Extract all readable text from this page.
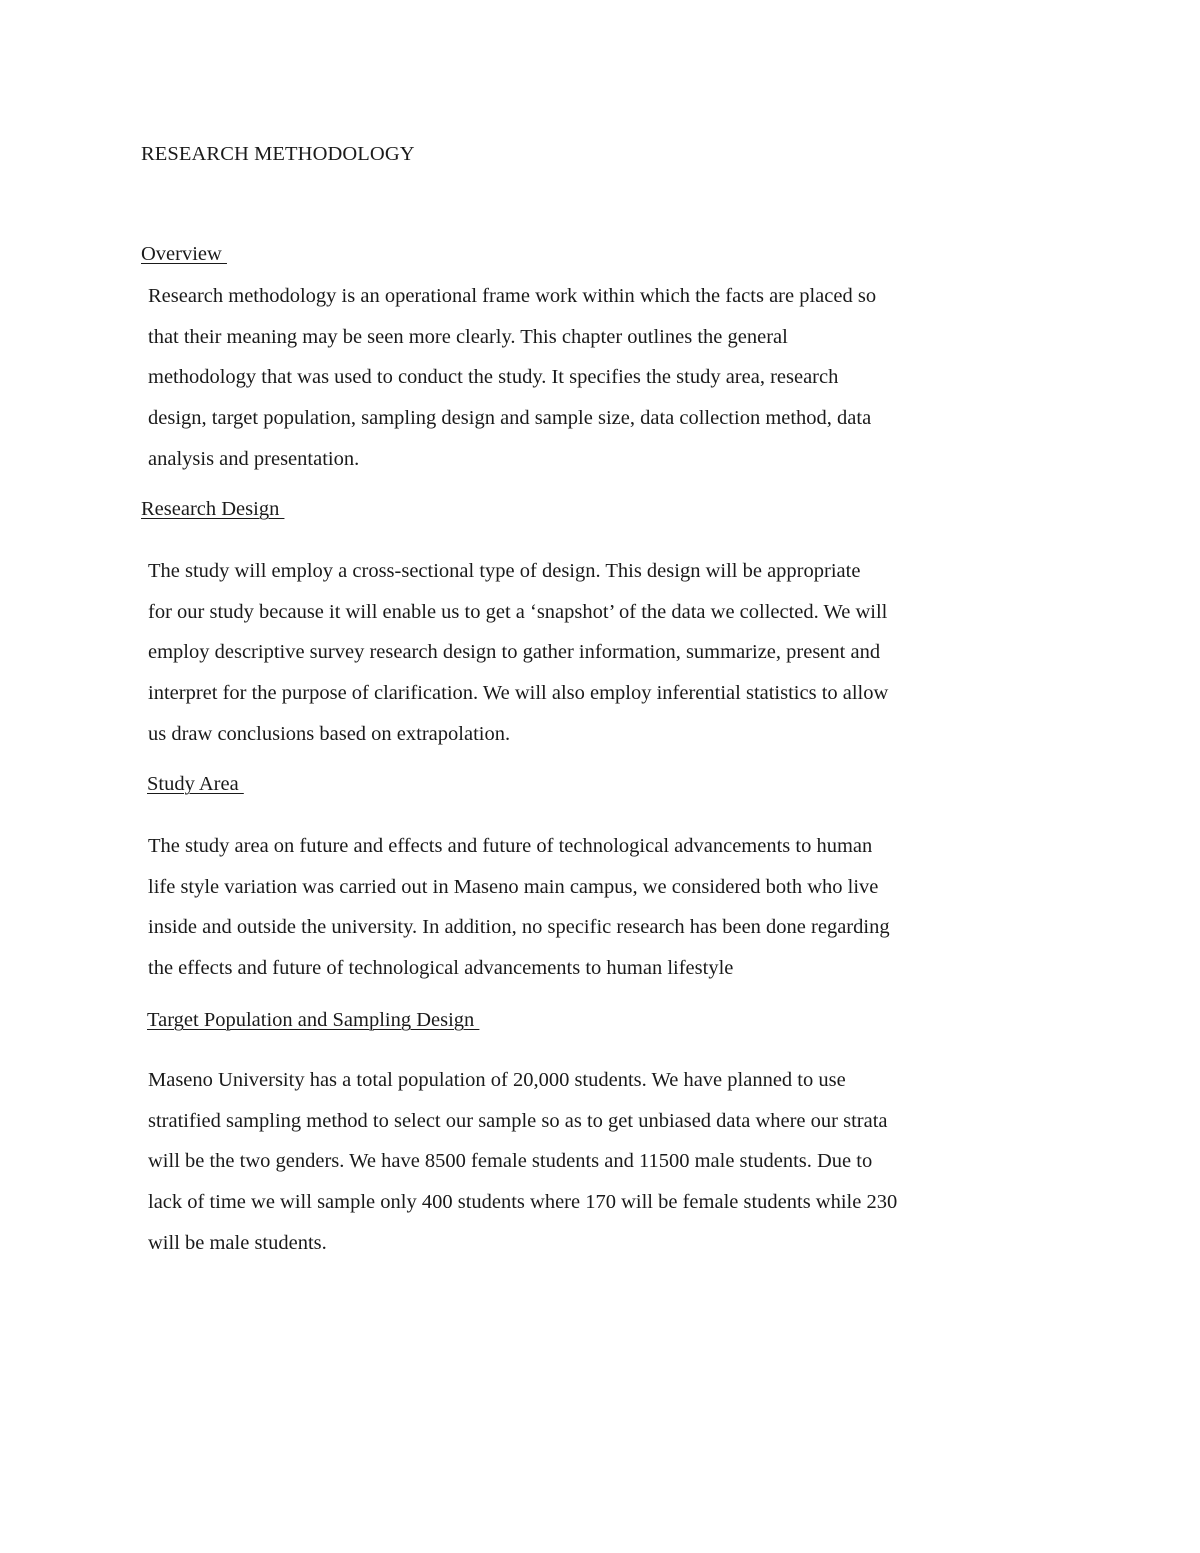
RESEARCH METHODOLOGY
Overview
Research methodology is an operational frame work within which the facts are placed so
that their meaning may be seen more clearly. This chapter outlines the general
methodology that was used to conduct the study. It specifies the study area, research
design, target population, sampling design and sample size, data collection method, data
analysis and presentation.
Research Design
The study will employ a cross-sectional type of design. This design will be appropriate
for our study because it will enable us to get a ‘snapshot’ of the data we collected. We will
employ descriptive survey research design to gather information, summarize, present and
interpret for the purpose of clarification. We will also employ inferential statistics to allow
us draw conclusions based on extrapolation.
Study Area
The study area on future and effects and future of technological advancements to human
life style variation was carried out in Maseno main campus, we considered both who live
inside and outside the university. In addition, no specific research has been done regarding
the effects and future of technological advancements to human lifestyle
Target Population and Sampling Design
Maseno University has a total population of 20,000 students. We have planned to use
stratified sampling method to select our sample so as to get unbiased data where our strata
will be the two genders. We have 8500 female students and 11500 male students. Due to
lack of time we will sample only 400 students where 170 will be female students while 230
will be male students.
